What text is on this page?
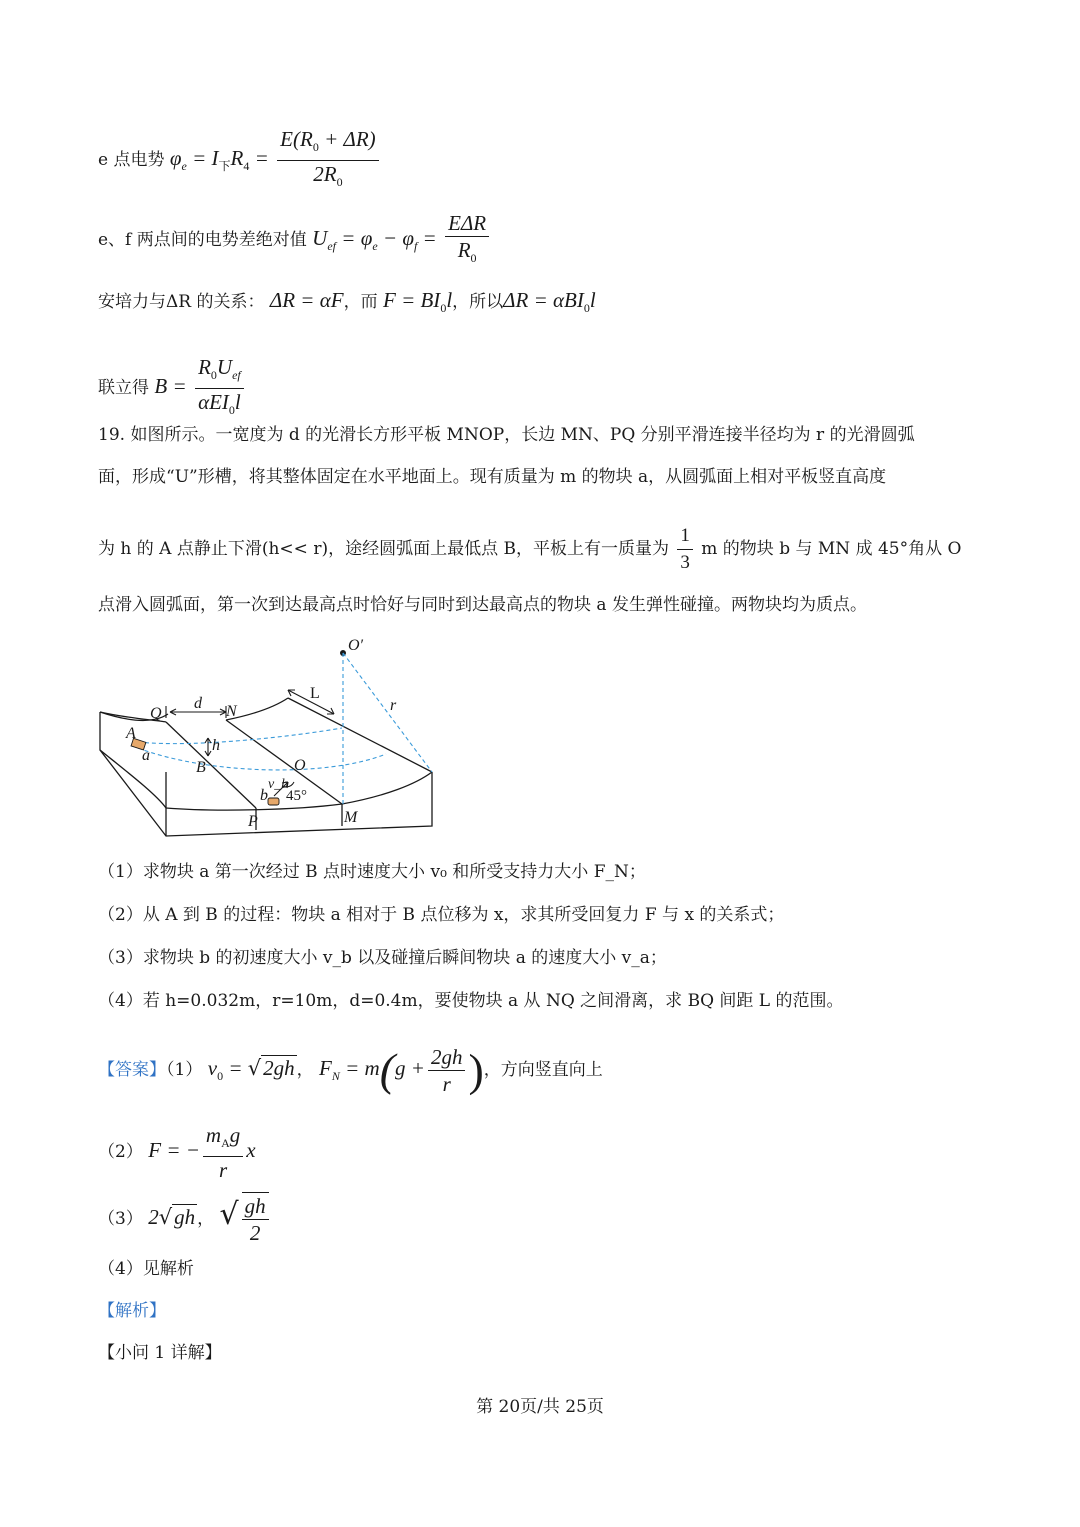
e 点电势 $\varphi_e = I_下R_4 = \frac{E(R_0 + \Delta R)}{2R_0}$
e、f 两点间的电势差绝对值 $U_{ef} = \varphi_e - \varphi_f = \frac{\text{EΔR}}{R_0}$
安培力与ΔR 的关系： ΔR = αF，而 $F = BI_0l$，所以ΔR = αBI$_0$l
联立得 $B = \frac{R_0U_{ef}}{\alpha EI_0l}$
19. 如图所示。一宽度为 d 的光滑长方形平板 MNOP，长边 MN、PQ 分别平滑连接半径均为 r 的光滑圆弧
面，形成“U”形槽，将其整体固定在水平地面上。现有质量为 m 的物块 a，从圆弧面上相对平板竖直高度
为 h 的 A 点静止下滑(h<< r)，途经圆弧面上最低点 B，平板上有一质量为 $\frac{1}{3}$ m 的物块 b 与 MN 成 45°角从 O
点滑入圆弧面，第一次到达最高点时恰好与同时到达最高点的物块 a 发生弹性碰撞。两物块均为质点。
O′
r
L
d
Q	N
A
a
h
B	O
v_b
b 45°
P	M
（1）求物块 a 第一次经过 B 点时速度大小 v₀ 和所受支持力大小 F_N；
（2）从 A 到 B 的过程：物块 a 相对于 B 点位移为 x，求其所受回复力 F 与 x 的关系式；
（3）求物块 b 的初速度大小 v_b 以及碰撞后瞬间物块 a 的速度大小 v_a；
（4）若 h=0.032m，r=10m，d=0.4m，要使物块 a 从 NQ 之间滑离，求 BQ 间距 L 的范围。
【答案】（1） $v_0 = √2gh$ ， $F_N = m(g + \frac{2gh}{r}$ )，方向竖直向上
（2） F = − $\frac{m_Ag}{r}$ x
（3） 2√gh ， √ $\frac{gh}{2}$
（4）见解析
【解析】
【小问 1 详解】
第 20页/共 25页
